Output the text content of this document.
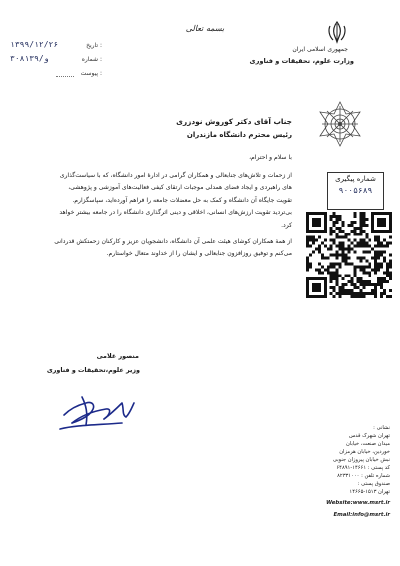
بسمه تعالی
جمهوری اسلامی ایران
وزارت علوم، تحقیقات و فناوری
تاریخ :
۱۳۹۹/۱۲/۲۶
شماره :
۳۰۸۱۳۹/و
پیوست :
شماره پیگیری
۹۰۰۵۶۸۹
جناب آقای دکتر کوروش نودزری
رئیس محترم دانشگاه مازندران
با سلام و احترام،
از زحمات و تلاش‌های جنابعالی و همکاران گرامی در ادارهٔ امور دانشگاه، که با سیاست‌گذاری
های راهبردی و ایجاد فضای همدلی موجبات ارتقای کیفی فعالیت‌های آموزشی و پژوهشی،
تقویت جایگاه آن دانشگاه و کمک به حل معضلات جامعه را فراهم آورده‌اید، سپاسگزارم.
بی‌تردید تقویت ارزش‌های انسانی، اخلاقی و دینی اثرگذاری دانشگاه را در جامعه بیشتر خواهد
کرد.
از همهٔ همکاران کوشای هیئت علمی آن دانشگاه، دانشجویان عزیز و کارکنان زحمتکش قدردانی
می‌کنم و توفیق روزافزون جنابعالی و ایشان را از خداوند متعال خواستارم.
منصور غلامی
وزیر علوم،تحقیقات و فناوری
نشانی :
تهران شهرک قدس
میدان صنعت، خیابان
خوردین، خیابان هرمزان
نبش خیابان پیروزان جنوبی
کد پستی : ۱۴۶۶۱-۶۴۸۹۱
شماره تلفن : ۸۲۳۳۱۰۰۰
صندوق پستی :
تهران ۱۵۱۳-۱۴۶۶۵
Website:www.msrt.ir
Email:info@msrt.ir
